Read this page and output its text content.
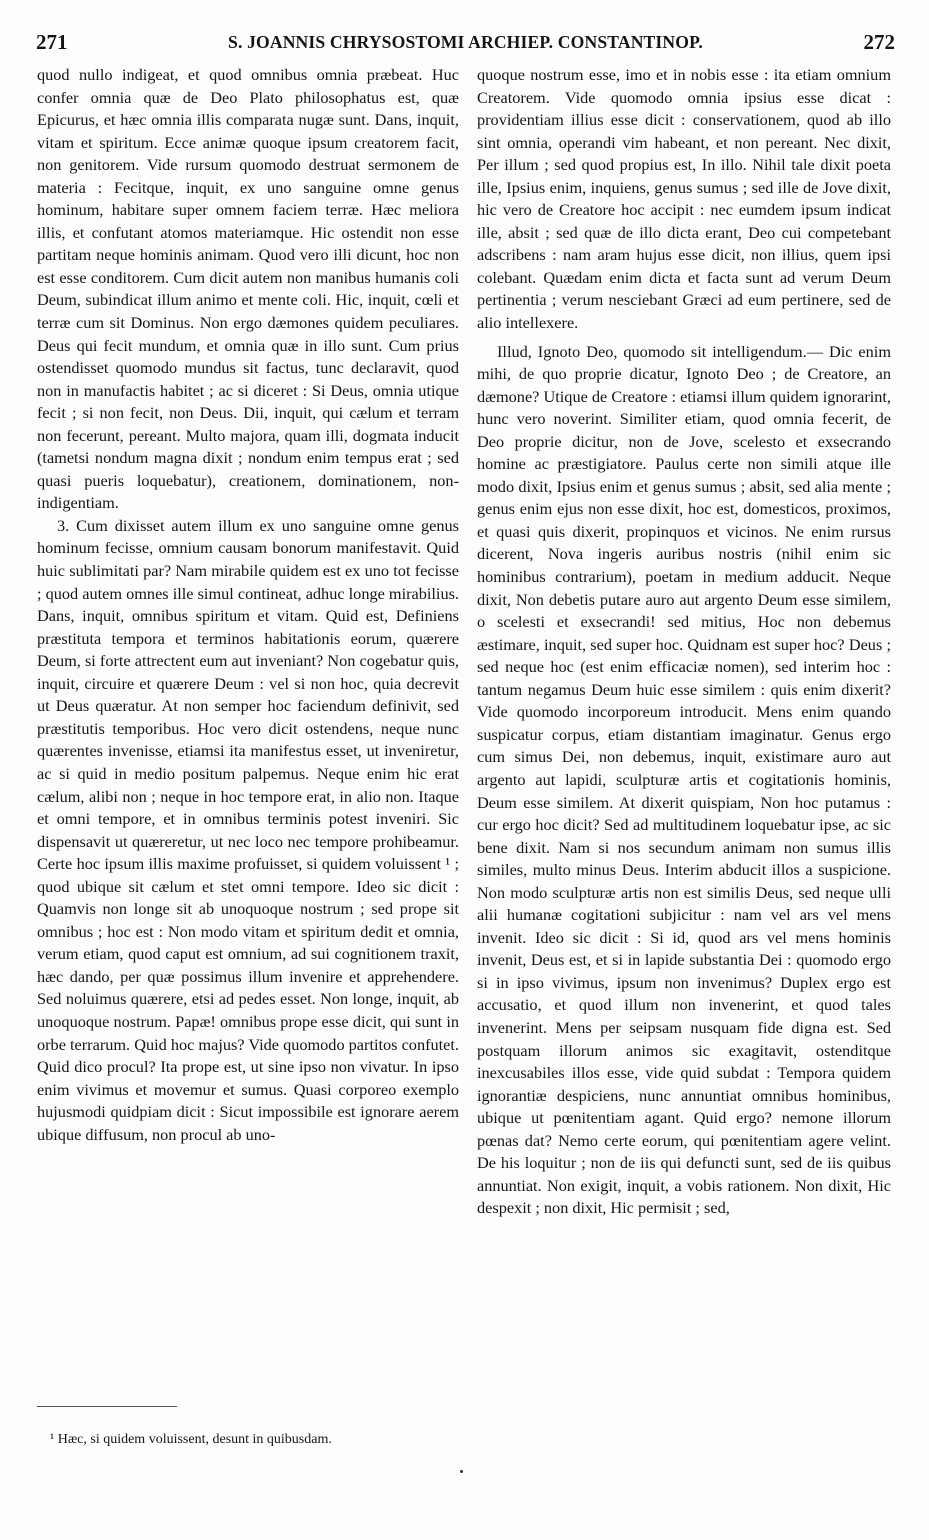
271	S. JOANNIS CHRYSOSTOMI ARCHIEP. CONSTANTINOP.	272

quod nullo indigeat, et quod omnibus omnia præbeat. Huc confer omnia quæ de Deo Plato philosophatus est, quæ Epicurus, et hæc omnia illis comparata nugæ sunt. Dans, inquit, vitam et spiritum. Ecce animæ quoque ipsum creatorem facit, non genitorem. Vide rursum quomodo destruat sermonem de materia : Fecitque, inquit, ex uno sanguine omne genus hominum, habitare super omnem faciem terræ. Hæc meliora illis, et confutant atomos materiamque. Hic ostendit non esse partitam neque hominis animam. Quod vero illi dicunt, hoc non est esse conditorem. Cum dicit autem non manibus humanis coli Deum, subindicat illum animo et mente coli. Hic, inquit, cœli et terræ cum sit Dominus. Non ergo dæmones quidem peculiares. Deus qui fecit mundum, et omnia quæ in illo sunt. Cum prius ostendisset quomodo mundus sit factus, tunc declaravit, quod non in manufactis habitet ; ac si diceret : Si Deus, omnia utique fecit ; si non fecit, non Deus. Dii, inquit, qui cælum et terram non fecerunt, pereant. Multo majora, quam illi, dogmata inducit (tametsi nondum magna dixit ; nondum enim tempus erat ; sed quasi pueris loquebatur), creationem, dominationem, non-indigentiam.

3. Cum dixisset autem illum ex uno sanguine omne genus hominum fecisse, omnium causam bonorum manifestavit. Quid huic sublimitati par? Nam mirabile quidem est ex uno tot fecisse ; quod autem omnes ille simul contineat, adhuc longe mirabilius. Dans, inquit, omnibus spiritum et vitam. Quid est, Definiens præstituta tempora et terminos habitationis eorum, quærere Deum, si forte attrectent eum aut inveniant? Non cogebatur quis, inquit, circuire et quærere Deum : vel si non hoc, quia decrevit ut Deus quæratur. At non semper hoc faciendum definivit, sed præstitutis temporibus. Hoc vero dicit ostendens, neque nunc quærentes invenisse, etiamsi ita manifestus esset, ut inveniretur, ac si quid in medio positum palpemus. Neque enim hic erat cælum, alibi non ; neque in hoc tempore erat, in alio non. Itaque et omni tempore, et in omnibus terminis potest inveniri. Sic dispensavit ut quæreretur, ut nec loco nec tempore prohibeamur. Certe hoc ipsum illis maxime profuisset, si quidem voluissent ¹ ; quod ubique sit cælum et stet omni tempore. Ideo sic dicit : Quamvis non longe sit ab unoquoque nostrum ; sed prope sit omnibus ; hoc est : Non modo vitam et spiritum dedit et omnia, verum etiam, quod caput est omnium, ad sui cognitionem traxit, hæc dando, per quæ possimus illum invenire et apprehendere. Sed noluimus quærere, etsi ad pedes esset. Non longe, inquit, ab unoquoque nostrum. Papæ! omnibus prope esse dicit, qui sunt in orbe terrarum. Quid hoc majus? Vide quomodo partitos confutet. Quid dico procul? Ita prope est, ut sine ipso non vivatur. In ipso enim vivimus et movemur et sumus. Quasi corporeo exemplo hujusmodi quidpiam dicit : Sicut impossibile est ignorare aerem ubique diffusum, non procul ab uno-

quoque nostrum esse, imo et in nobis esse : ita etiam omnium Creatorem. Vide quomodo omnia ipsius esse dicat : providentiam illius esse dicit : conservationem, quod ab illo sint omnia, operandi vim habeant, et non pereant. Nec dixit, Per illum ; sed quod propius est, In illo. Nihil tale dixit poeta ille, Ipsius enim, inquiens, genus sumus ; sed ille de Jove dixit, hic vero de Creatore hoc accipit : nec eumdem ipsum indicat ille, absit ; sed quæ de illo dicta erant, Deo cui competebant adscribens : nam aram hujus esse dicit, non illius, quem ipsi colebant. Quædam enim dicta et facta sunt ad verum Deum pertinentia ; verum nesciebant Græci ad eum pertinere, sed de alio intellexere.

Illud, Ignoto Deo, quomodo sit intelligendum.— Dic enim mihi, de quo proprie dicatur, Ignoto Deo ; de Creatore, an dæmone? Utique de Creatore : etiamsi illum quidem ignorarint, hunc vero noverint. Similiter etiam, quod omnia fecerit, de Deo proprie dicitur, non de Jove, scelesto et exsecrando homine ac præstigiatore. Paulus certe non simili atque ille modo dixit, Ipsius enim et genus sumus ; absit, sed alia mente ; genus enim ejus non esse dixit, hoc est, domesticos, proximos, et quasi quis dixerit, propinquos et vicinos. Ne enim rursus dicerent, Nova ingeris auribus nostris (nihil enim sic hominibus contrarium), poetam in medium adducit. Neque dixit, Non debetis putare auro aut argento Deum esse similem, o scelesti et exsecrandi! sed mitius, Hoc non debemus æstimare, inquit, sed super hoc. Quidnam est super hoc? Deus ; sed neque hoc (est enim efficaciæ nomen), sed interim hoc : tantum negamus Deum huic esse similem : quis enim dixerit? Vide quomodo incorporeum introducit. Mens enim quando suspicatur corpus, etiam distantiam imaginatur. Genus ergo cum simus Dei, non debemus, inquit, existimare auro aut argento aut lapidi, sculpturæ artis et cogitationis hominis, Deum esse similem. At dixerit quispiam, Non hoc putamus : cur ergo hoc dicit? Sed ad multitudinem loquebatur ipse, ac sic bene dixit. Nam si nos secundum animam non sumus illis similes, multo minus Deus. Interim abducit illos a suspicione. Non modo sculpturæ artis non est similis Deus, sed neque ulli alii humanæ cogitationi subjicitur : nam vel ars vel mens invenit. Ideo sic dicit : Si id, quod ars vel mens hominis invenit, Deus est, et si in lapide substantia Dei : quomodo ergo si in ipso vivimus, ipsum non invenimus? Duplex ergo est accusatio, et quod illum non invenerint, et quod tales invenerint. Mens per seipsam nusquam fide digna est. Sed postquam illorum animos sic exagitavit, ostenditque inexcusabiles illos esse, vide quid subdat : Tempora quidem ignorantiæ despiciens, nunc annuntiat omnibus hominibus, ubique ut pœnitentiam agant. Quid ergo? nemone illorum pœnas dat? Nemo certe eorum, qui pœnitentiam agere velint. De his loquitur ; non de iis qui defuncti sunt, sed de iis quibus annuntiat. Non exigit, inquit, a vobis rationem. Non dixit, Hic despexit ; non dixit, Hic permisit ; sed,

¹ Hæc, si quidem voluissent, desunt in quibusdam.
